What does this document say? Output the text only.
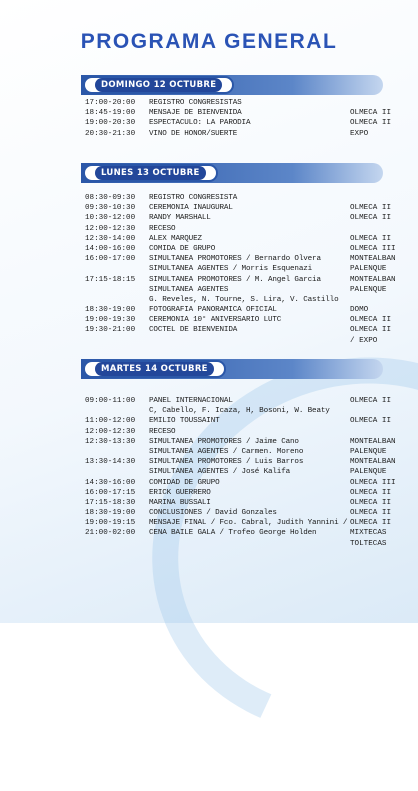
PROGRAMA GENERAL
DOMINGO 12 OCTUBRE
17:00-20:00 REGISTRO CONGRESISTAS
18:45-19:00 MENSAJE DE BIENVENIDA	OLMECA II
19:00-20:30 ESPECTACULO: LA PARODIA	OLMECA II
20:30-21:30 VINO DE HONOR/SUERTE	EXPO
LUNES 13 OCTUBRE
08:30-09:30 REGISTRO CONGRESISTA
09:30-10:30 CEREMONIA INAUGURAL	OLMECA II
10:30-12:00 RANDY MARSHALL	OLMECA II
12:00-12:30 RECESO
12:30-14:00 ALEX MARQUEZ	OLMECA II
14:00-16:00 COMIDA DE GRUPO	OLMECA III
16:00-17:00 SIMULTANEA PROMOTORES / Bernardo Olvera	MONTEALBAN
SIMULTANEA AGENTES / Morris Esquenazi	PALENQUE
17:15-18:15 SIMULTANEA PROMOTORES / M. Angel Garcia	MONTEALBAN
SIMULTANEA AGENTES	PALENQUE
G. Reveles, N. Tourne, S. Lira, V. Castillo
18:30-19:00 FOTOGRAFIA PANORAMICA OFICIAL	DOMO
19:00-19:30 CEREMONIA 10° ANIVERSARIO LUTC	OLMECA II
19:30-21:00 COCTEL DE BIENVENIDA	OLMECA II
/ EXPO
MARTES 14 OCTUBRE
09:00-11:00 PANEL INTERNACIONAL	OLMECA II
C, Cabello, F. Icaza, H, Bosoni, W. Beaty
11:00-12:00 EMILIO TOUSSAINT	OLMECA II
12:00-12:30 RECESO
12:30-13:30 SIMULTANEA PROMOTORES / Jaime Cano	MONTEALBAN
SIMULTANEA AGENTES / Carmen. Moreno	PALENQUE
13:30-14:30 SIMULTANEA PROMOTORES / Luis Barros	MONTEALBAN
SIMULTANEA AGENTES / José Kalifa	PALENQUE
14:30-16:00 COMIDAD DE GRUPO	OLMECA III
16:00-17:15 ERICK GUERRERO	OLMECA II
17:15-18:30 MARINA BUSSALI	OLMECA II
18:30-19:00 CONCLUSIONES / David Gonzales	OLMECA II
19:00-19:15 MENSAJE FINAL / Fco. Cabral, Judith Yannini / OLMECA II
21:00-02:00 CENA BAILE GALA / Trofeo George Holden	MIXTECAS
TOLTECAS
